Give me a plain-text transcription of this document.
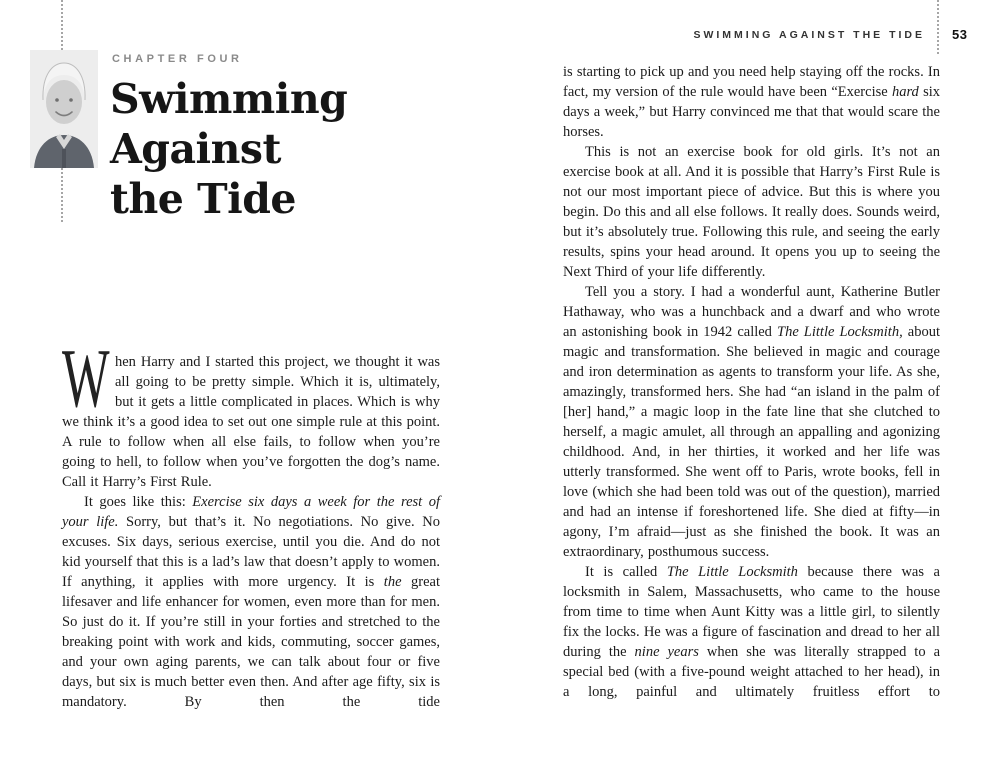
CHAPTER FOUR
Swimming
Against
the Tide

When Harry and I started this project, we thought it was all going to be pretty simple. Which it is, ultimately, but it gets a little complicated in places. Which is why we think it’s a good idea to set out one simple rule at this point. A rule to follow when all else fails, to follow when you’re going to hell, to follow when you’ve forgotten the dog’s name. Call it Harry’s First Rule.

It goes like this: Exercise six days a week for the rest of your life. Sorry, but that’s it. No negotiations. No give. No excuses. Six days, serious exercise, until you die. And do not kid yourself that this is a lad’s law that doesn’t apply to women. If anything, it applies with more urgency. It is the great lifesaver and life enhancer for women, even more than for men. So just do it. If you’re still in your forties and stretched to the breaking point with work and kids, commuting, soccer games, and your own aging parents, we can talk about four or five days, but six is much better even then. And after age fifty, six is mandatory. By then the tide

SWIMMING AGAINST THE TIDE 53

is starting to pick up and you need help staying off the rocks. In fact, my version of the rule would have been “Exercise hard six days a week,” but Harry convinced me that that would scare the horses.

This is not an exercise book for old girls. It’s not an exercise book at all. And it is possible that Harry’s First Rule is not our most important piece of advice. But this is where you begin. Do this and all else follows. It really does. Sounds weird, but it’s absolutely true. Following this rule, and seeing the early results, spins your head around. It opens you up to seeing the Next Third of your life differently.

Tell you a story. I had a wonderful aunt, Katherine Butler Hathaway, who was a hunchback and a dwarf and who wrote an astonishing book in 1942 called The Little Locksmith, about magic and transformation. She believed in magic and courage and iron determination as agents to transform your life. As she, amazingly, transformed hers. She had “an island in the palm of [her] hand,” a magic loop in the fate line that she clutched to herself, a magic amulet, all through an appalling and agonizing childhood. And, in her thirties, it worked and her life was utterly transformed. She went off to Paris, wrote books, fell in love (which she had been told was out of the question), married and had an intense if foreshortened life. She died at fifty—in agony, I’m afraid—just as she finished the book. It was an extraordinary, posthumous success.

It is called The Little Locksmith because there was a locksmith in Salem, Massachusetts, who came to the house from time to time when Aunt Kitty was a little girl, to silently fix the locks. He was a figure of fascination and dread to her all during the nine years when she was literally strapped to a special bed (with a five-pound weight attached to her head), in a long, painful and ultimately fruitless effort to
